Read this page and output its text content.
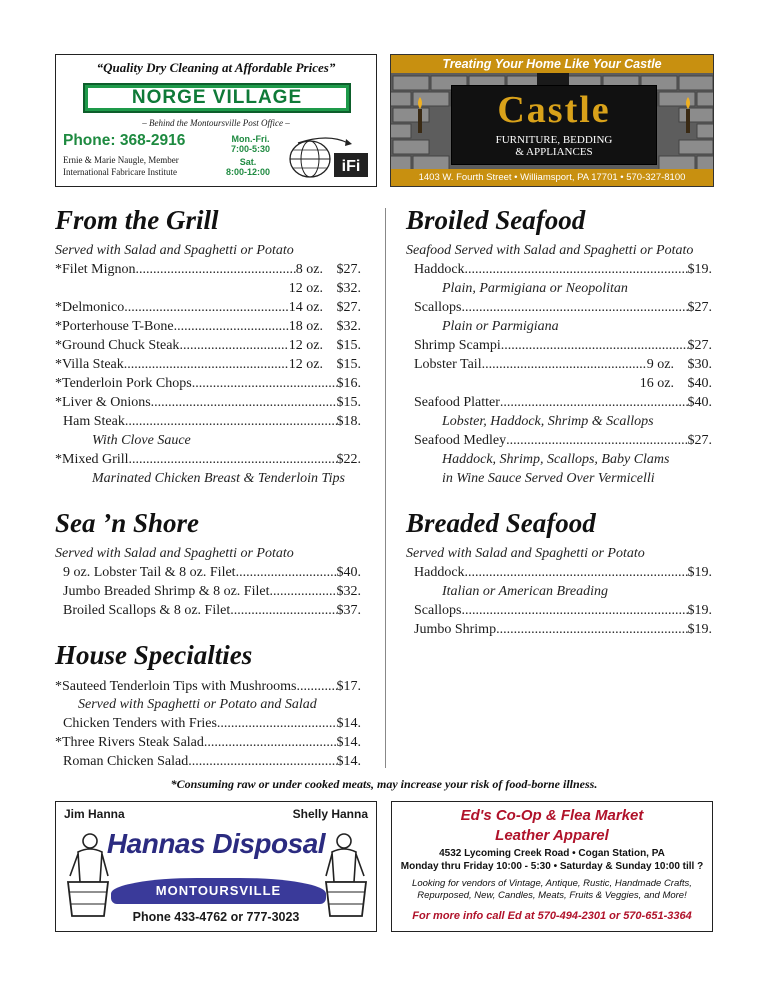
“Quality Dry Cleaning at Affordable Prices”
NORGE VILLAGE
– Behind the Montoursville Post Office –
Phone: 368-2916	Mon.-Fri.
7:00-5:30
Sat.
8:00-12:00
Ernie & Marie Naugle, Member
International Fabricare Institute	iFi
Treating Your Home Like Your Castle
Castle
FURNITURE, BEDDING
& APPLIANCES
1403 W. Fourth Street • Williamsport, PA 17701 • 570-327-8100
From the Grill
Served with Salad and Spaghetti or Potato
*Filet Mignon .....	8 oz. $27.
12 oz. $32.
*Delmonico .....	14 oz. $27.
*Porterhouse T-Bone .....	18 oz. $32.
*Ground Chuck Steak .....	12 oz. $15.
*Villa Steak .....	12 oz. $15.
*Tenderloin Pork Chops .....	$16.
*Liver & Onions .....	$15.
Ham Steak .....	$18.
With Clove Sauce
*Mixed Grill .....	$22.
Marinated Chicken Breast & Tenderloin Tips
Sea ’n Shore
Served with Salad and Spaghetti or Potato
9 oz. Lobster Tail & 8 oz. Filet .....	$40.
Jumbo Breaded Shrimp & 8 oz. Filet .....	$32.
Broiled Scallops & 8 oz. Filet .....	$37.
House Specialties
*Sauteed Tenderloin Tips with Mushrooms .....	$17.
Served with Spaghetti or Potato and Salad
Chicken Tenders with Fries .....	$14.
*Three Rivers Steak Salad .....	$14.
Roman Chicken Salad .....	$14.
Broiled Seafood
Seafood Served with Salad and Spaghetti or Potato
Haddock .....	$19.
Plain, Parmigiana or Neopolitan
Scallops .....	$27.
Plain or Parmigiana
Shrimp Scampi .....	$27.
Lobster Tail .....	9 oz. $30.
16 oz. $40.
Seafood Platter .....	$40.
Lobster, Haddock, Shrimp & Scallops
Seafood Medley .....	$27.
Haddock, Shrimp, Scallops, Baby Clams
in Wine Sauce Served Over Vermicelli
Breaded Seafood
Served with Salad and Spaghetti or Potato
Haddock .....	$19.
Italian or American Breading
Scallops .....	$19.
Jumbo Shrimp .....	$19.
*Consuming raw or under cooked meats, may increase your risk of food-borne illness.
Jim Hanna	Shelly Hanna
Hannas Disposal
MONTOURSVILLE
Phone 433-4762 or 777-3023
Ed's Co-Op & Flea Market
Leather Apparel
4532 Lycoming Creek Road • Cogan Station, PA
Monday thru Friday 10:00 - 5:30 • Saturday & Sunday 10:00 till ?
Looking for vendors of Vintage, Antique, Rustic, Handmade Crafts,
Repurposed, New, Candles, Meats, Fruits & Veggies, and More!
For more info call Ed at 570-494-2301 or 570-651-3364
